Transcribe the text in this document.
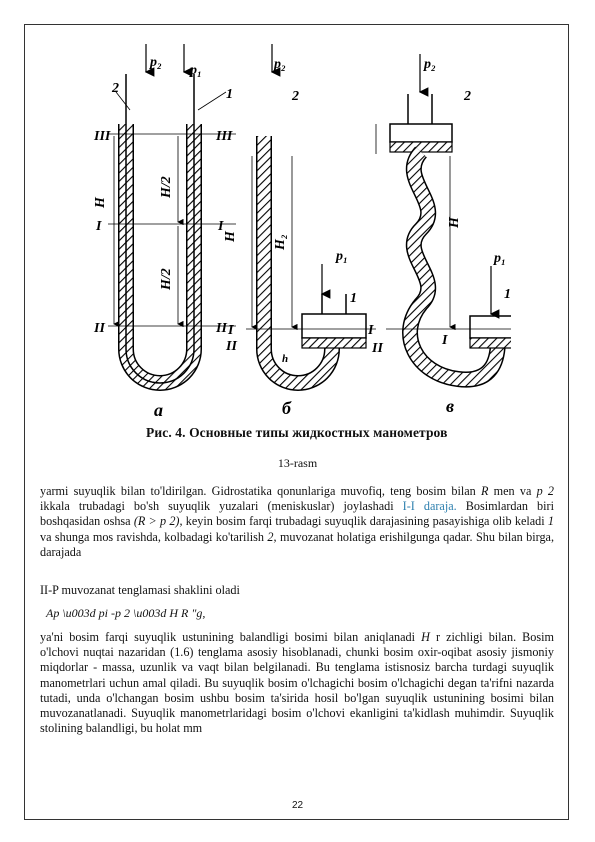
p₂
p₁
2	1
III	III
I	I
II	II
H
H/2
H/2
a
p₂
2
p₁
1
H	H₂
I	I
II
h
б
p₂
2
p₁
1
H
II
I
в
Рис. 4. Основные типы жидкостных манометров
13-rasm
yarmi suyuqlik bilan to'ldirilgan. Gidrostatika qonunlariga muvofiq, teng bosim bilan R men va p 2 ikkala trubadagi bo'sh suyuqlik yuzalari (meniskuslar) joylashadi I-I daraja. Bosimlardan biri boshqasidan oshsa (R > p 2), keyin bosim farqi trubadagi suyuqlik darajasining pasayishiga olib keladi 1 va shunga mos ravishda, kolbadagi ko'tarilish 2, muvozanat holatiga erishilgunga qadar. Shu bilan birga, darajada
II-P muvozanat tenglamasi shaklini oladi
Ap \u003d pi -p 2 \u003d H R "g,
ya'ni bosim farqi suyuqlik ustunining balandligi bosimi bilan aniqlanadi H r zichligi bilan. Bosim o'lchovi nuqtai nazaridan (1.6) tenglama asosiy hisoblanadi, chunki bosim oxir-oqibat asosiy jismoniy miqdorlar - massa, uzunlik va vaqt bilan belgilanadi. Bu tenglama istisnosiz barcha turdagi suyuqlik manometrlari uchun amal qiladi. Bu suyuqlik bosim o'lchagichi bosim o'lchagichi degan ta'rifni nazarda tutadi, unda o'lchangan bosim ushbu bosim ta'sirida hosil bo'lgan suyuqlik ustunining bosimi bilan muvozanatlanadi. Suyuqlik manometrlaridagi bosim o'lchovi ekanligini ta'kidlash muhimdir. Suyuqlik stolining balandligi, bu holat mm
22
